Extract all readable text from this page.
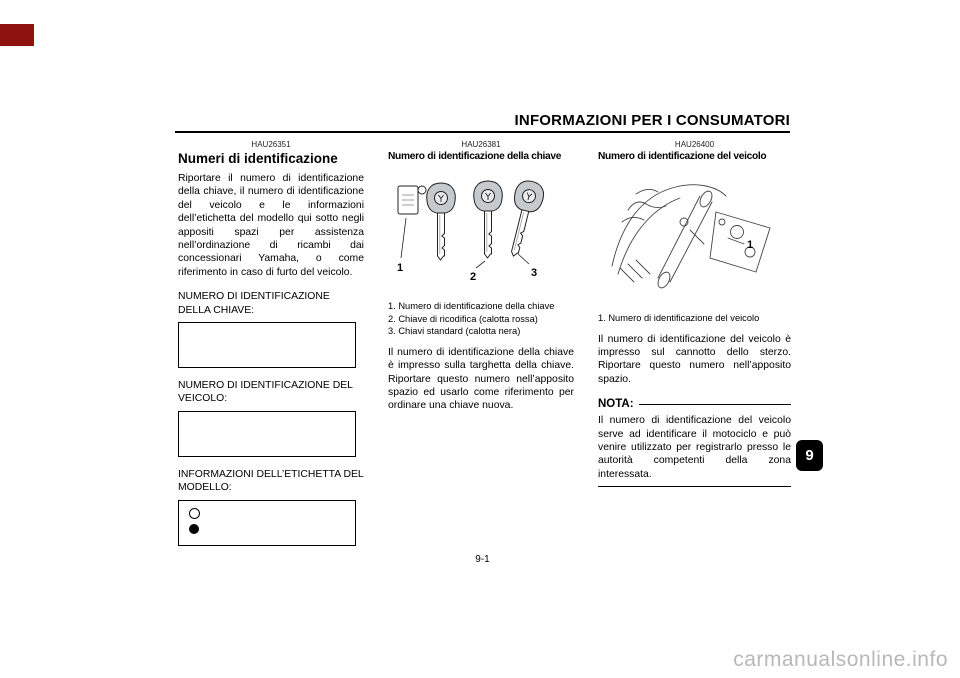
INFORMAZIONI PER I CONSUMATORI
HAU26351
Numeri di identificazione

Riportare il numero di identificazione della chiave, il numero di identificazione del veicolo e le informazioni dell’etichetta del modello qui sotto negli appositi spazi per assistenza nell’ordinazione di ricambi dai concessionari Yamaha, o come riferimento in caso di furto del veicolo.

NUMERO DI IDENTIFICAZIONE DELLA CHIAVE:

NUMERO DI IDENTIFICAZIONE DEL VEICOLO:

INFORMAZIONI DELL’ETICHETTA DEL MODELLO:

HAU26381
Numero di identificazione della chiave
1
2	3
1. Numero di identificazione della chiave
2. Chiave di ricodifica (calotta rossa)
3. Chiavi standard (calotta nera)

Il numero di identificazione della chiave è impresso sulla targhetta della chiave. Riportare questo numero nell’apposito spazio ed usarlo come riferimento per ordinare una chiave nuova.

HAU26400
Numero di identificazione del veicolo
1
1. Numero di identificazione del veicolo

Il numero di identificazione del veicolo è impresso sul cannotto dello sterzo. Riportare questo numero nell’apposito spazio.

NOTA:

Il numero di identificazione del veicolo serve ad identificare il motociclo e può venire utilizzato per registrarlo presso le autorità competenti della zona interessata.

9
9-1
carmanualsonline.info
